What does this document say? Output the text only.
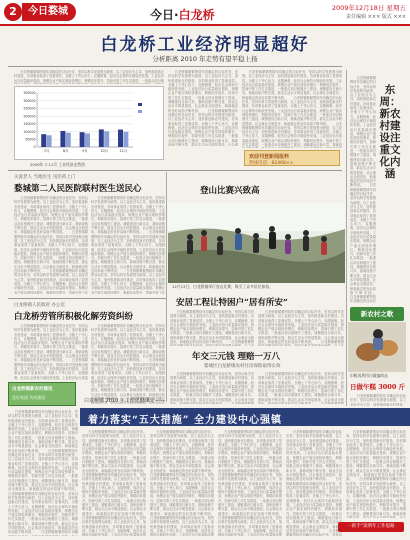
2	今日婺城	今日·白龙桥	2009年12月18日 星期五
责任编辑 ××× 版式 ×××
白龙桥工业经济明显超好
分析距离 2010 年走势有望平稳上扬
　　白龙桥镇紧紧围绕年初确定的目标任务，坚持以科学发展观为统领，以工业经济为主导，加快推进新农村建设，各项事业取得了显著成效。全镇上下齐心协力，克服困难，经济社会保持平稳较快发展。工业经济运行质量稳步提高，规模企业产值实现较快增长，利税同步提升，招商引资工作扎实推进，一批重点项目相继开工建设。城镇建设日新月异，基础设施不断完善，群众生活水平明显提高，社会事业全面进步，和谐稳定的良好局面不断巩固。　　白龙桥镇紧紧围绕年初确定的目标任务，坚持以科学发展观为统领，以工业经济为主导，加快推进新农村建设，各项事业取得了显著成效。全镇上下齐心协力，克服困难，经济社会保持平稳较快发展。工业经济运行质量稳步提高，规模企业产值实现较快增长，利税同步提升，招商引资工作扎实推进，一批重点项目相继开工建设。城镇建设日新月异，基础设施不断完善，群众生活水平明显提高，社会事业全面进步，和谐稳定的良好局面不断巩固。　　白龙桥镇紧紧围绕年初确定的目标任务，坚持以科学发展观为统领，以工业经济为主导，加快推进新农村建设，各项事业取得了显著成效。全镇上下齐心协力，克服困难，经济社会保持平稳较快发展。工业经济运行质量稳步提高，规模企业产值实现较快增长，利税同步提升，招商引资工作扎实推进，一批重点项目相继开工建设。城镇建设日新月异，基础设施不断完善，群众生活水平明显提高，社会事业全面进步，和谐稳定的良好局面不断巩固。　　白龙桥镇紧紧围绕年初确定的目标任务，坚持以科学发展观为统领，以工业经济为主导，加快推进新农村建设，各项事业取得了显著成效。全镇上下齐心协力，克服困难，经济社会保持平稳较快发展。
　　白龙桥镇紧紧围绕年初确定的目标任务，坚持以科学发展观为统领，以工业经济为主导，加快推进新农村建设，各项事业取得了显著成效。全镇上下齐心协力，克服困难，经济社会保持平稳较快发展。工业经济运行质量稳步提高，规模企业产值实现较快增长，利税同步提升，招商引资工作扎实推进，一批重点项目相继开工建设。城镇建设日新月异，基础设施不断完善，群众生活水平明显提高，社会事业全面进步，和谐稳定的良好局面不断巩固。　　白龙桥镇紧紧围绕年初确定的目标任务，坚持以科学发展观为统领，以工业经济为主导，加快推进新农村建设，各项事业取得了显著成效。全镇上下齐心协力，克服困难，经济社会保持平稳较快发展。工业经济运行质量稳步提高，规模企业产值实现较快增长，利税同步提升，招商引资工作扎实推进，一批重点项目相继开工建设。城镇建设日新月异，基础设施不断完善，群众生活水平明显提高，社会事业全面进步，和谐稳定的良好局面不断巩固。　　白龙桥镇紧紧围绕年初确定的目标任务，坚持以科学发展观为统领，以工业经济为主导，加快推进新农村建设，各项事业取得了显著成效。全镇上下齐心协力，克服困难，经济社会保持平稳较快发展。工业经济运行质量稳步提高，规模企业产值实现较快增长，利税同步提升，招商引资工作扎实推进，一批重点项目相继开工建设。城镇建设日新月异，基础设施不断完善，群众生活水平明显提高，社会事业全面进步，和谐稳定的良好局面不断巩固。　　白龙桥镇紧紧围绕年初确定的目标任务，坚持以科学发展观为统领，以工业经济为主导，加快推进新农村建设，各项事业取得了显著成效。全镇上下齐心协力，克服困难，经济社会保持平稳较快发展。
　　白龙桥镇紧紧围绕年初确定的目标任务，坚持以科学发展观为统领，以工业经济为主导，加快推进新农村建设，各项事业取得了显著成效。全镇上下齐心协力，克服困难，经济社会保持平稳较快发展。工业经济运行质量稳步提高，规模企业产值实现较快增长，利税同步提升，招商引资工作扎实推进，一批重点项目相继开工建设。城镇建设日新月异，基础设施不断完善，群众生活水平明显提高，社会事业全面进步，和谐稳定的良好局面不断巩固。　　白龙桥镇紧紧围绕年初确定的目标任务，坚持以科学发展观为统领，以工业经济为主导，加快推进新农村建设，各项事业取得了显著成效。全镇上下齐心协力，克服困难，经济社会保持平稳较快发展。工业经济运行质量稳步提高，规模企业产值实现较快增长，利税同步提升，招商引资工作扎实推进，一批重点项目相继开工建设。城镇建设日新月异，基础设施不断完善，群众生活水平明显提高，社会事业全面进步，和谐稳定的良好局面不断巩固。　　白龙桥镇紧紧围绕年初确定的目标任务，坚持以科学发展观为统领，以工业经济为主导，加快推进新农村建设，各项事业取得了显著成效。全镇上下齐心协力，克服困难，经济社会保持平稳较快发展。工业经济运行质量稳步提高，规模企业产值实现较快增长，利税同步提升，招商引资工作扎实推进，一批重点项目相继开工建设。城镇建设日新月异，基础设施不断完善，群众生活水平明显提高，社会事业全面进步，和谐稳定的良好局面不断巩固。　　白龙桥镇紧紧围绕年初确定的目标任务，坚持以科学发展观为统领，以工业经济为主导，加快推进新农村建设，各项事业取得了显著成效。全镇上下齐心协力，克服困难，经济社会保持平稳较快发展。
0
50000
100000
150000
200000
250000
300000
350000
7月	8月	9月	10月	11月
2009年 7-11月 工业经济走势图
欢迎刊登新闻报料
热线电话：82468××
关爱老人 当地医生 送医药上门
婺城第二人民医院联村医生送民心
　　白龙桥镇紧紧围绕年初确定的目标任务，坚持以科学发展观为统领，以工业经济为主导，加快推进新农村建设，各项事业取得了显著成效。全镇上下齐心协力，克服困难，经济社会保持平稳较快发展。工业经济运行质量稳步提高，规模企业产值实现较快增长，利税同步提升，招商引资工作扎实推进，一批重点项目相继开工建设。城镇建设日新月异，基础设施不断完善，群众生活水平明显提高，社会事业全面进步，和谐稳定的良好局面不断巩固。　　白龙桥镇紧紧围绕年初确定的目标任务，坚持以科学发展观为统领，以工业经济为主导，加快推进新农村建设，各项事业取得了显著成效。全镇上下齐心协力，克服困难，经济社会保持平稳较快发展。工业经济运行质量稳步提高，规模企业产值实现较快增长，利税同步提升，招商引资工作扎实推进，一批重点项目相继开工建设。城镇建设日新月异，基础设施不断完善，群众生活水平明显提高，社会事业全面进步，和谐稳定的良好局面不断巩固。　　白龙桥镇紧紧围绕年初确定的目标任务，坚持以科学发展观为统领，以工业经济为主导，加快推进新农村建设，各项事业取得了显著成效。全镇上下齐心协力，克服困难，经济社会保持平稳较快发展。工业经济运行质量稳步提高，规模企业产值实现较快增长，利税同步提升，招商引资工作扎实推进，一批重点项目相继开工建设。城镇建设日新月异，基础设施不断完善，群众生活水平明显提高，社会事业全面进步，和谐稳定的良好局面不断巩固。　　白龙桥镇紧紧围绕年初确定的目标任务，坚持以科学发展观为统领，以工业经济为主导，加快推进新农村建设，各项事业取得了显著成效。全镇上下齐心协力，克服困难，经济社会保持平稳较快发展。
　　白龙桥镇紧紧围绕年初确定的目标任务，坚持以科学发展观为统领，以工业经济为主导，加快推进新农村建设，各项事业取得了显著成效。全镇上下齐心协力，克服困难，经济社会保持平稳较快发展。工业经济运行质量稳步提高，规模企业产值实现较快增长，利税同步提升，招商引资工作扎实推进，一批重点项目相继开工建设。城镇建设日新月异，基础设施不断完善，群众生活水平明显提高，社会事业全面进步，和谐稳定的良好局面不断巩固。　　白龙桥镇紧紧围绕年初确定的目标任务，坚持以科学发展观为统领，以工业经济为主导，加快推进新农村建设，各项事业取得了显著成效。全镇上下齐心协力，克服困难，经济社会保持平稳较快发展。工业经济运行质量稳步提高，规模企业产值实现较快增长，利税同步提升，招商引资工作扎实推进，一批重点项目相继开工建设。城镇建设日新月异，基础设施不断完善，群众生活水平明显提高，社会事业全面进步，和谐稳定的良好局面不断巩固。　　白龙桥镇紧紧围绕年初确定的目标任务，坚持以科学发展观为统领，以工业经济为主导，加快推进新农村建设，各项事业取得了显著成效。全镇上下齐心协力，克服困难，经济社会保持平稳较快发展。工业经济运行质量稳步提高，规模企业产值实现较快增长，利税同步提升，招商引资工作扎实推进，一批重点项目相继开工建设。城镇建设日新月异，基础设施不断完善，群众生活水平明显提高，社会事业全面进步，和谐稳定的良好局面不断巩固。　　白龙桥镇紧紧围绕年初确定的目标任务，坚持以科学发展观为统领，以工业经济为主导，加快推进新农村建设，各项事业取得了显著成效。全镇上下齐心协力，克服困难，经济社会保持平稳较快发展。	登山比赛兴致高
12月13日，白龙桥镇举行登山比赛，吸引了众多居民参加。
白龙桥镇人民政府 办公室
白龙桥劳管所积极化解劳资纠纷
　　白龙桥镇紧紧围绕年初确定的目标任务，坚持以科学发展观为统领，以工业经济为主导，加快推进新农村建设，各项事业取得了显著成效。全镇上下齐心协力，克服困难，经济社会保持平稳较快发展。工业经济运行质量稳步提高，规模企业产值实现较快增长，利税同步提升，招商引资工作扎实推进，一批重点项目相继开工建设。城镇建设日新月异，基础设施不断完善，群众生活水平明显提高，社会事业全面进步，和谐稳定的良好局面不断巩固。　　白龙桥镇紧紧围绕年初确定的目标任务，坚持以科学发展观为统领，以工业经济为主导，加快推进新农村建设，各项事业取得了显著成效。全镇上下齐心协力，克服困难，经济社会保持平稳较快发展。工业经济运行质量稳步提高，规模企业产值实现较快增长，利税同步提升，招商引资工作扎实推进，一批重点项目相继开工建设。城镇建设日新月异，基础设施不断完善，群众生活水平明显提高，社会事业全面进步，和谐稳定的良好局面不断巩固。　　白龙桥镇紧紧围绕年初确定的目标任务，坚持以科学发展观为统领，以工业经济为主导，加快推进新农村建设，各项事业取得了显著成效。全镇上下齐心协力，克服困难，经济社会保持平稳较快发展。工业经济运行质量稳步提高，规模企业产值实现较快增长，利税同步提升，招商引资工作扎实推进，一批重点项目相继开工建设。城镇建设日新月异，基础设施不断完善，群众生活水平明显提高，社会事业全面进步，和谐稳定的良好局面不断巩固。　　白龙桥镇紧紧围绕年初确定的目标任务，坚持以科学发展观为统领，以工业经济为主导，加快推进新农村建设，各项事业取得了显著成效。全镇上下齐心协力，克服困难，经济社会保持平稳较快发展。
　　白龙桥镇紧紧围绕年初确定的目标任务，坚持以科学发展观为统领，以工业经济为主导，加快推进新农村建设，各项事业取得了显著成效。全镇上下齐心协力，克服困难，经济社会保持平稳较快发展。工业经济运行质量稳步提高，规模企业产值实现较快增长，利税同步提升，招商引资工作扎实推进，一批重点项目相继开工建设。城镇建设日新月异，基础设施不断完善，群众生活水平明显提高，社会事业全面进步，和谐稳定的良好局面不断巩固。　　白龙桥镇紧紧围绕年初确定的目标任务，坚持以科学发展观为统领，以工业经济为主导，加快推进新农村建设，各项事业取得了显著成效。全镇上下齐心协力，克服困难，经济社会保持平稳较快发展。工业经济运行质量稳步提高，规模企业产值实现较快增长，利税同步提升，招商引资工作扎实推进，一批重点项目相继开工建设。城镇建设日新月异，基础设施不断完善，群众生活水平明显提高，社会事业全面进步，和谐稳定的良好局面不断巩固。　　白龙桥镇紧紧围绕年初确定的目标任务，坚持以科学发展观为统领，以工业经济为主导，加快推进新农村建设，各项事业取得了显著成效。全镇上下齐心协力，克服困难，经济社会保持平稳较快发展。工业经济运行质量稳步提高，规模企业产值实现较快增长，利税同步提升，招商引资工作扎实推进，一批重点项目相继开工建设。城镇建设日新月异，基础设施不断完善，群众生活水平明显提高，社会事业全面进步，和谐稳定的良好局面不断巩固。　　白龙桥镇紧紧围绕年初确定的目标任务，坚持以科学发展观为统领，以工业经济为主导，加快推进新农村建设，各项事业取得了显著成效。全镇上下齐心协力，克服困难，经济社会保持平稳较快发展。
白龙桥镇新农村建设
美好家园 共同建设
安居工程让特困户“居有所安”
　　白龙桥镇紧紧围绕年初确定的目标任务，坚持以科学发展观为统领，以工业经济为主导，加快推进新农村建设，各项事业取得了显著成效。全镇上下齐心协力，克服困难，经济社会保持平稳较快发展。工业经济运行质量稳步提高，规模企业产值实现较快增长，利税同步提升，招商引资工作扎实推进，一批重点项目相继开工建设。城镇建设日新月异，基础设施不断完善，群众生活水平明显提高，社会事业全面进步，和谐稳定的良好局面不断巩固。　　白龙桥镇紧紧围绕年初确定的目标任务，坚持以科学发展观为统领，以工业经济为主导，加快推进新农村建设，各项事业取得了显著成效。全镇上下齐心协力，克服困难，经济社会保持平稳较快发展。工业经济运行质量稳步提高，规模企业产值实现较快增长，利税同步提升，招商引资工作扎实推进，一批重点项目相继开工建设。城镇建设日新月异，基础设施不断完善，群众生活水平明显提高，社会事业全面进步，和谐稳定的良好局面不断巩固。　　白龙桥镇紧紧围绕年初确定的目标任务，坚持以科学发展观为统领，以工业经济为主导，加快推进新农村建设，各项事业取得了显著成效。全镇上下齐心协力，克服困难，经济社会保持平稳较快发展。工业经济运行质量稳步提高，规模企业产值实现较快增长，利税同步提升，招商引资工作扎实推进，一批重点项目相继开工建设。城镇建设日新月异，基础设施不断完善，群众生活水平明显提高，社会事业全面进步，和谐稳定的良好局面不断巩固。　　白龙桥镇紧紧围绕年初确定的目标任务，坚持以科学发展观为统领，以工业经济为主导，加快推进新农村建设，各项事业取得了显著成效。全镇上下齐心协力，克服困难，经济社会保持平稳较快发展。
　　白龙桥镇紧紧围绕年初确定的目标任务，坚持以科学发展观为统领，以工业经济为主导，加快推进新农村建设，各项事业取得了显著成效。全镇上下齐心协力，克服困难，经济社会保持平稳较快发展。工业经济运行质量稳步提高，规模企业产值实现较快增长，利税同步提升，招商引资工作扎实推进，一批重点项目相继开工建设。城镇建设日新月异，基础设施不断完善，群众生活水平明显提高，社会事业全面进步，和谐稳定的良好局面不断巩固。　　白龙桥镇紧紧围绕年初确定的目标任务，坚持以科学发展观为统领，以工业经济为主导，加快推进新农村建设，各项事业取得了显著成效。全镇上下齐心协力，克服困难，经济社会保持平稳较快发展。工业经济运行质量稳步提高，规模企业产值实现较快增长，利税同步提升，招商引资工作扎实推进，一批重点项目相继开工建设。城镇建设日新月异，基础设施不断完善，群众生活水平明显提高，社会事业全面进步，和谐稳定的良好局面不断巩固。　　白龙桥镇紧紧围绕年初确定的目标任务，坚持以科学发展观为统领，以工业经济为主导，加快推进新农村建设，各项事业取得了显著成效。全镇上下齐心协力，克服困难，经济社会保持平稳较快发展。工业经济运行质量稳步提高，规模企业产值实现较快增长，利税同步提升，招商引资工作扎实推进，一批重点项目相继开工建设。城镇建设日新月异，基础设施不断完善，群众生活水平明显提高，社会事业全面进步，和谐稳定的良好局面不断巩固。　　白龙桥镇紧紧围绕年初确定的目标任务，坚持以科学发展观为统领，以工业经济为主导，加快推进新农村建设，各项事业取得了显著成效。全镇上下齐心协力，克服困难，经济社会保持平稳较快发展。
年交三元钱 理赔一万八
婺城区白龙桥镇农村住房保险取得实效
　　白龙桥镇紧紧围绕年初确定的目标任务，坚持以科学发展观为统领，以工业经济为主导，加快推进新农村建设，各项事业取得了显著成效。全镇上下齐心协力，克服困难，经济社会保持平稳较快发展。工业经济运行质量稳步提高，规模企业产值实现较快增长，利税同步提升，招商引资工作扎实推进，一批重点项目相继开工建设。城镇建设日新月异，基础设施不断完善，群众生活水平明显提高，社会事业全面进步，和谐稳定的良好局面不断巩固。　　白龙桥镇紧紧围绕年初确定的目标任务，坚持以科学发展观为统领，以工业经济为主导，加快推进新农村建设，各项事业取得了显著成效。全镇上下齐心协力，克服困难，经济社会保持平稳较快发展。工业经济运行质量稳步提高，规模企业产值实现较快增长，利税同步提升，招商引资工作扎实推进，一批重点项目相继开工建设。城镇建设日新月异，基础设施不断完善，群众生活水平明显提高，社会事业全面进步，和谐稳定的良好局面不断巩固。　　白龙桥镇紧紧围绕年初确定的目标任务，坚持以科学发展观为统领，以工业经济为主导，加快推进新农村建设，各项事业取得了显著成效。全镇上下齐心协力，克服困难，经济社会保持平稳较快发展。工业经济运行质量稳步提高，规模企业产值实现较快增长，利税同步提升，招商引资工作扎实推进，一批重点项目相继开工建设。城镇建设日新月异，基础设施不断完善，群众生活水平明显提高，社会事业全面进步，和谐稳定的良好局面不断巩固。　　白龙桥镇紧紧围绕年初确定的目标任务，坚持以科学发展观为统领，以工业经济为主导，加快推进新农村建设，各项事业取得了显著成效。全镇上下齐心协力，克服困难，经济社会保持平稳较快发展。
　　白龙桥镇紧紧围绕年初确定的目标任务，坚持以科学发展观为统领，以工业经济为主导，加快推进新农村建设，各项事业取得了显著成效。全镇上下齐心协力，克服困难，经济社会保持平稳较快发展。工业经济运行质量稳步提高，规模企业产值实现较快增长，利税同步提升，招商引资工作扎实推进，一批重点项目相继开工建设。城镇建设日新月异，基础设施不断完善，群众生活水平明显提高，社会事业全面进步，和谐稳定的良好局面不断巩固。　　白龙桥镇紧紧围绕年初确定的目标任务，坚持以科学发展观为统领，以工业经济为主导，加快推进新农村建设，各项事业取得了显著成效。全镇上下齐心协力，克服困难，经济社会保持平稳较快发展。工业经济运行质量稳步提高，规模企业产值实现较快增长，利税同步提升，招商引资工作扎实推进，一批重点项目相继开工建设。城镇建设日新月异，基础设施不断完善，群众生活水平明显提高，社会事业全面进步，和谐稳定的良好局面不断巩固。　　白龙桥镇紧紧围绕年初确定的目标任务，坚持以科学发展观为统领，以工业经济为主导，加快推进新农村建设，各项事业取得了显著成效。全镇上下齐心协力，克服困难，经济社会保持平稳较快发展。工业经济运行质量稳步提高，规模企业产值实现较快增长，利税同步提升，招商引资工作扎实推进，一批重点项目相继开工建设。城镇建设日新月异，基础设施不断完善，群众生活水平明显提高，社会事业全面进步，和谐稳定的良好局面不断巩固。　　白龙桥镇紧紧围绕年初确定的目标任务，坚持以科学发展观为统领，以工业经济为主导，加快推进新农村建设，各项事业取得了显著成效。全镇上下齐心协力，克服困难，经济社会保持平稳较快发展。
　　白龙桥镇紧紧围绕年初确定的目标任务，坚持以科学发展观为统领，以工业经济为主导，加快推进新农村建设，各项事业取得了显著成效。全镇上下齐心协力，克服困难，经济社会保持平稳较快发展。工业经济运行质量稳步提高，规模企业产值实现较快增长，利税同步提升，招商引资工作扎实推进，一批重点项目相继开工建设。城镇建设日新月异，基础设施不断完善，群众生活水平明显提高，社会事业全面进步，和谐稳定的良好局面不断巩固。　　白龙桥镇紧紧围绕年初确定的目标任务，坚持以科学发展观为统领，以工业经济为主导，加快推进新农村建设，各项事业取得了显著成效。全镇上下齐心协力，克服困难，经济社会保持平稳较快发展。工业经济运行质量稳步提高，规模企业产值实现较快增长，利税同步提升，招商引资工作扎实推进，一批重点项目相继开工建设。城镇建设日新月异，基础设施不断完善，群众生活水平明显提高，社会事业全面进步，和谐稳定的良好局面不断巩固。　　白龙桥镇紧紧围绕年初确定的目标任务，坚持以科学发展观为统领，以工业经济为主导，加快推进新农村建设，各项事业取得了显著成效。全镇上下齐心协力，克服困难，经济社会保持平稳较快发展。工业经济运行质量稳步提高，规模企业产值实现较快增长，利税同步提升，招商引资工作扎实推进，一批重点项目相继开工建设。城镇建设日新月异，基础设施不断完善，群众生活水平明显提高，社会事业全面进步，和谐稳定的良好局面不断巩固。　　白龙桥镇紧紧围绕年初确定的目标任务，坚持以科学发展观为统领，以工业经济为主导，加快推进新农村建设，各项事业取得了显著成效。全镇上下齐心协力，克服困难，经济社会保持平稳较快发展。
东周：新农村建设注重文化内涵
新农村之歌
旧鞋再利用巧做编织品
日做午糕 3000 斤
　　白龙桥镇紧紧围绕年初确定的目标任务，坚持以科学发展观为统领，以工业经济为主导，加快推进新农村建设，各项事业取得了显著成效。全镇上下齐心协力，克服困难，经济社会保持平稳较快发展。工业经济运行质量稳步提高，规模企业产值实现较快增长，利税同步提升，招商引资工作扎实推进，一批重点项目相继开工建设。城镇建设日新月异，基础设施不断完善，群众生活水平明显提高，社会事业全面进步，和谐稳定的良好局面不断巩固。　　白龙桥镇紧紧围绕年初确定的目标任务，坚持以科学发展观为统领，以工业经济为主导，加快推进新农村建设，各项事业取得了显著成效。全镇上下齐心协力，克服困难，经济社会保持平稳较快发展。工业经济运行质量稳步提高，规模企业产值实现较快增长，利税同步提升，招商引资工作扎实推进，一批重点项目相继开工建设。城镇建设日新月异，基础设施不断完善，群众生活水平明显提高，社会事业全面进步，和谐稳定的良好局面不断巩固。　　白龙桥镇紧紧围绕年初确定的目标任务，坚持以科学发展观为统领，以工业经济为主导，加快推进新农村建设，各项事业取得了显著成效。全镇上下齐心协力，克服困难，经济社会保持平稳较快发展。工业经济运行质量稳步提高，规模企业产值实现较快增长，利税同步提升，招商引资工作扎实推进，一批重点项目相继开工建设。城镇建设日新月异，基础设施不断完善，群众生活水平明显提高，社会事业全面进步，和谐稳定的良好局面不断巩固。　　白龙桥镇紧紧围绕年初确定的目标任务，坚持以科学发展观为统领，以工业经济为主导，加快推进新农村建设，各项事业取得了显著成效。全镇上下齐心协力，克服困难，经济社会保持平稳较快发展。
白龙桥镇 2010 年工作思路谋定——
着力落实“五大措施” 全力建设中心强镇
　　白龙桥镇紧紧围绕年初确定的目标任务，坚持以科学发展观为统领，以工业经济为主导，加快推进新农村建设，各项事业取得了显著成效。全镇上下齐心协力，克服困难，经济社会保持平稳较快发展。工业经济运行质量稳步提高，规模企业产值实现较快增长，利税同步提升，招商引资工作扎实推进，一批重点项目相继开工建设。城镇建设日新月异，基础设施不断完善，群众生活水平明显提高，社会事业全面进步，和谐稳定的良好局面不断巩固。　　白龙桥镇紧紧围绕年初确定的目标任务，坚持以科学发展观为统领，以工业经济为主导，加快推进新农村建设，各项事业取得了显著成效。全镇上下齐心协力，克服困难，经济社会保持平稳较快发展。工业经济运行质量稳步提高，规模企业产值实现较快增长，利税同步提升，招商引资工作扎实推进，一批重点项目相继开工建设。城镇建设日新月异，基础设施不断完善，群众生活水平明显提高，社会事业全面进步，和谐稳定的良好局面不断巩固。　　白龙桥镇紧紧围绕年初确定的目标任务，坚持以科学发展观为统领，以工业经济为主导，加快推进新农村建设，各项事业取得了显著成效。全镇上下齐心协力，克服困难，经济社会保持平稳较快发展。工业经济运行质量稳步提高，规模企业产值实现较快增长，利税同步提升，招商引资工作扎实推进，一批重点项目相继开工建设。城镇建设日新月异，基础设施不断完善，群众生活水平明显提高，社会事业全面进步，和谐稳定的良好局面不断巩固。　　白龙桥镇紧紧围绕年初确定的目标任务，坚持以科学发展观为统领，以工业经济为主导，加快推进新农村建设，各项事业取得了显著成效。全镇上下齐心协力，克服困难，经济社会保持平稳较快发展。
　　白龙桥镇紧紧围绕年初确定的目标任务，坚持以科学发展观为统领，以工业经济为主导，加快推进新农村建设，各项事业取得了显著成效。全镇上下齐心协力，克服困难，经济社会保持平稳较快发展。工业经济运行质量稳步提高，规模企业产值实现较快增长，利税同步提升，招商引资工作扎实推进，一批重点项目相继开工建设。城镇建设日新月异，基础设施不断完善，群众生活水平明显提高，社会事业全面进步，和谐稳定的良好局面不断巩固。　　白龙桥镇紧紧围绕年初确定的目标任务，坚持以科学发展观为统领，以工业经济为主导，加快推进新农村建设，各项事业取得了显著成效。全镇上下齐心协力，克服困难，经济社会保持平稳较快发展。工业经济运行质量稳步提高，规模企业产值实现较快增长，利税同步提升，招商引资工作扎实推进，一批重点项目相继开工建设。城镇建设日新月异，基础设施不断完善，群众生活水平明显提高，社会事业全面进步，和谐稳定的良好局面不断巩固。　　白龙桥镇紧紧围绕年初确定的目标任务，坚持以科学发展观为统领，以工业经济为主导，加快推进新农村建设，各项事业取得了显著成效。全镇上下齐心协力，克服困难，经济社会保持平稳较快发展。工业经济运行质量稳步提高，规模企业产值实现较快增长，利税同步提升，招商引资工作扎实推进，一批重点项目相继开工建设。城镇建设日新月异，基础设施不断完善，群众生活水平明显提高，社会事业全面进步，和谐稳定的良好局面不断巩固。　　白龙桥镇紧紧围绕年初确定的目标任务，坚持以科学发展观为统领，以工业经济为主导，加快推进新农村建设，各项事业取得了显著成效。全镇上下齐心协力，克服困难，经济社会保持平稳较快发展。
　　白龙桥镇紧紧围绕年初确定的目标任务，坚持以科学发展观为统领，以工业经济为主导，加快推进新农村建设，各项事业取得了显著成效。全镇上下齐心协力，克服困难，经济社会保持平稳较快发展。工业经济运行质量稳步提高，规模企业产值实现较快增长，利税同步提升，招商引资工作扎实推进，一批重点项目相继开工建设。城镇建设日新月异，基础设施不断完善，群众生活水平明显提高，社会事业全面进步，和谐稳定的良好局面不断巩固。　　白龙桥镇紧紧围绕年初确定的目标任务，坚持以科学发展观为统领，以工业经济为主导，加快推进新农村建设，各项事业取得了显著成效。全镇上下齐心协力，克服困难，经济社会保持平稳较快发展。工业经济运行质量稳步提高，规模企业产值实现较快增长，利税同步提升，招商引资工作扎实推进，一批重点项目相继开工建设。城镇建设日新月异，基础设施不断完善，群众生活水平明显提高，社会事业全面进步，和谐稳定的良好局面不断巩固。　　白龙桥镇紧紧围绕年初确定的目标任务，坚持以科学发展观为统领，以工业经济为主导，加快推进新农村建设，各项事业取得了显著成效。全镇上下齐心协力，克服困难，经济社会保持平稳较快发展。工业经济运行质量稳步提高，规模企业产值实现较快增长，利税同步提升，招商引资工作扎实推进，一批重点项目相继开工建设。城镇建设日新月异，基础设施不断完善，群众生活水平明显提高，社会事业全面进步，和谐稳定的良好局面不断巩固。　　白龙桥镇紧紧围绕年初确定的目标任务，坚持以科学发展观为统领，以工业经济为主导，加快推进新农村建设，各项事业取得了显著成效。全镇上下齐心协力，克服困难，经济社会保持平稳较快发展。
　　白龙桥镇紧紧围绕年初确定的目标任务，坚持以科学发展观为统领，以工业经济为主导，加快推进新农村建设，各项事业取得了显著成效。全镇上下齐心协力，克服困难，经济社会保持平稳较快发展。工业经济运行质量稳步提高，规模企业产值实现较快增长，利税同步提升，招商引资工作扎实推进，一批重点项目相继开工建设。城镇建设日新月异，基础设施不断完善，群众生活水平明显提高，社会事业全面进步，和谐稳定的良好局面不断巩固。　　白龙桥镇紧紧围绕年初确定的目标任务，坚持以科学发展观为统领，以工业经济为主导，加快推进新农村建设，各项事业取得了显著成效。全镇上下齐心协力，克服困难，经济社会保持平稳较快发展。工业经济运行质量稳步提高，规模企业产值实现较快增长，利税同步提升，招商引资工作扎实推进，一批重点项目相继开工建设。城镇建设日新月异，基础设施不断完善，群众生活水平明显提高，社会事业全面进步，和谐稳定的良好局面不断巩固。　　白龙桥镇紧紧围绕年初确定的目标任务，坚持以科学发展观为统领，以工业经济为主导，加快推进新农村建设，各项事业取得了显著成效。全镇上下齐心协力，克服困难，经济社会保持平稳较快发展。工业经济运行质量稳步提高，规模企业产值实现较快增长，利税同步提升，招商引资工作扎实推进，一批重点项目相继开工建设。城镇建设日新月异，基础设施不断完善，群众生活水平明显提高，社会事业全面进步，和谐稳定的良好局面不断巩固。　　白龙桥镇紧紧围绕年初确定的目标任务，坚持以科学发展观为统领，以工业经济为主导，加快推进新农村建设，各项事业取得了显著成效。全镇上下齐心协力，克服困难，经济社会保持平稳较快发展。
　　白龙桥镇紧紧围绕年初确定的目标任务，坚持以科学发展观为统领，以工业经济为主导，加快推进新农村建设，各项事业取得了显著成效。全镇上下齐心协力，克服困难，经济社会保持平稳较快发展。工业经济运行质量稳步提高，规模企业产值实现较快增长，利税同步提升，招商引资工作扎实推进，一批重点项目相继开工建设。城镇建设日新月异，基础设施不断完善，群众生活水平明显提高，社会事业全面进步，和谐稳定的良好局面不断巩固。　　白龙桥镇紧紧围绕年初确定的目标任务，坚持以科学发展观为统领，以工业经济为主导，加快推进新农村建设，各项事业取得了显著成效。全镇上下齐心协力，克服困难，经济社会保持平稳较快发展。工业经济运行质量稳步提高，规模企业产值实现较快增长，利税同步提升，招商引资工作扎实推进，一批重点项目相继开工建设。城镇建设日新月异，基础设施不断完善，群众生活水平明显提高，社会事业全面进步，和谐稳定的良好局面不断巩固。　　白龙桥镇紧紧围绕年初确定的目标任务，坚持以科学发展观为统领，以工业经济为主导，加快推进新农村建设，各项事业取得了显著成效。全镇上下齐心协力，克服困难，经济社会保持平稳较快发展。工业经济运行质量稳步提高，规模企业产值实现较快增长，利税同步提升，招商引资工作扎实推进，一批重点项目相继开工建设。城镇建设日新月异，基础设施不断完善，群众生活水平明显提高，社会事业全面进步，和谐稳定的良好局面不断巩固。　　白龙桥镇紧紧围绕年初确定的目标任务，坚持以科学发展观为统领，以工业经济为主导，加快推进新农村建设，各项事业取得了显著成效。全镇上下齐心协力，克服困难，经济社会保持平稳较快发展。
　　白龙桥镇紧紧围绕年初确定的目标任务，坚持以科学发展观为统领，以工业经济为主导，加快推进新农村建设，各项事业取得了显著成效。全镇上下齐心协力，克服困难，经济社会保持平稳较快发展。工业经济运行质量稳步提高，规模企业产值实现较快增长，利税同步提升，招商引资工作扎实推进，一批重点项目相继开工建设。城镇建设日新月异，基础设施不断完善，群众生活水平明显提高，社会事业全面进步，和谐稳定的良好局面不断巩固。　　白龙桥镇紧紧围绕年初确定的目标任务，坚持以科学发展观为统领，以工业经济为主导，加快推进新农村建设，各项事业取得了显著成效。全镇上下齐心协力，克服困难，经济社会保持平稳较快发展。工业经济运行质量稳步提高，规模企业产值实现较快增长，利税同步提升，招商引资工作扎实推进，一批重点项目相继开工建设。城镇建设日新月异，基础设施不断完善，群众生活水平明显提高，社会事业全面进步，和谐稳定的良好局面不断巩固。　　白龙桥镇紧紧围绕年初确定的目标任务，坚持以科学发展观为统领，以工业经济为主导，加快推进新农村建设，各项事业取得了显著成效。全镇上下齐心协力，克服困难，经济社会保持平稳较快发展。工业经济运行质量稳步提高，规模企业产值实现较快增长，利税同步提升，招商引资工作扎实推进，一批重点项目相继开工建设。城镇建设日新月异，基础设施不断完善，群众生活水平明显提高，社会事业全面进步，和谐稳定的良好局面不断巩固。　　白龙桥镇紧紧围绕年初确定的目标任务，坚持以科学发展观为统领，以工业经济为主导，加快推进新农村建设，各项事业取得了显著成效。全镇上下齐心协力，克服困难，经济社会保持平稳较快发展。
一抓手”读明年工作思路
